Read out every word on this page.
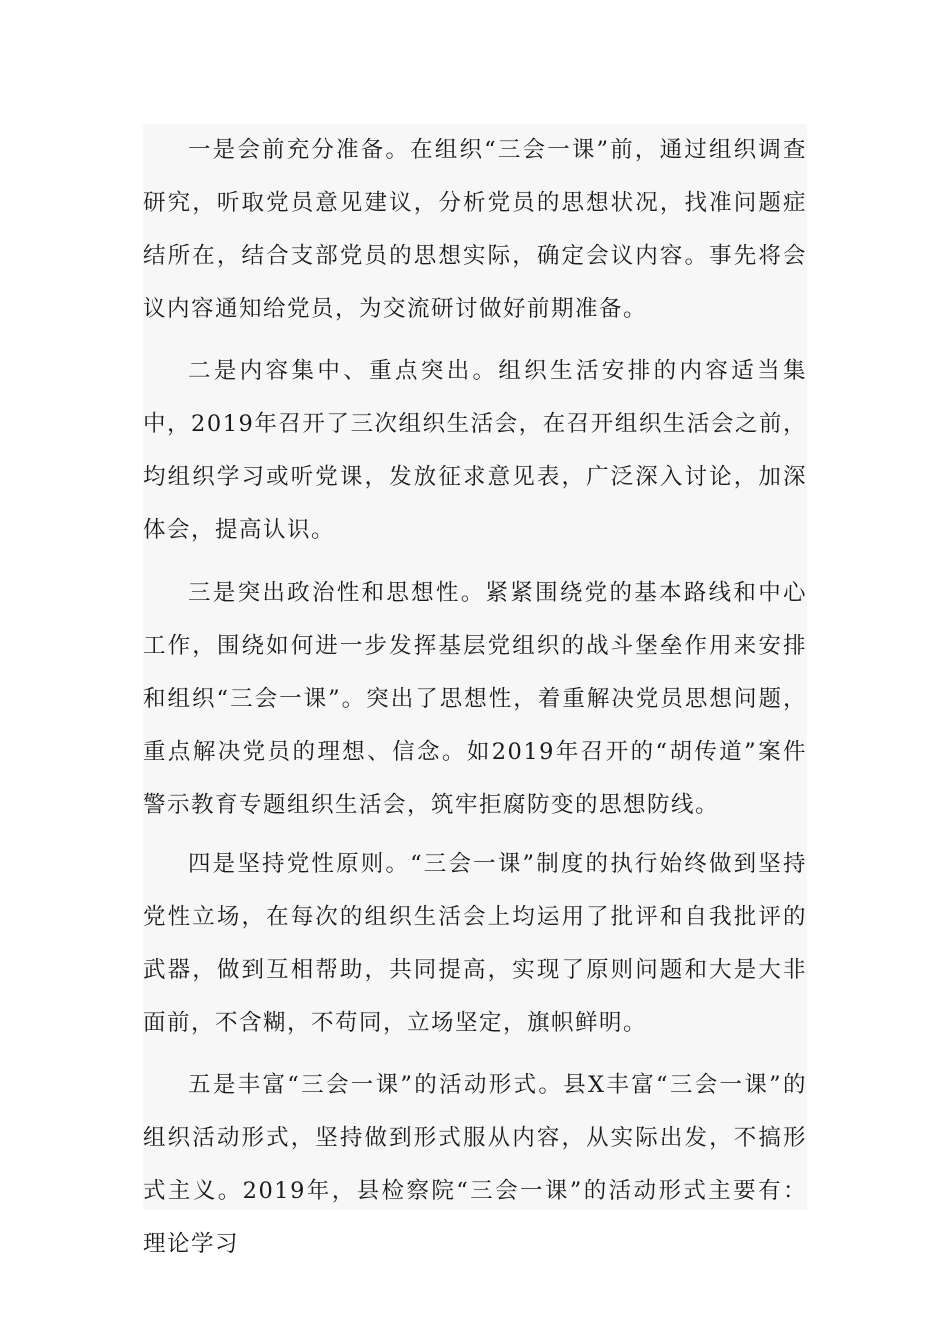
一是会前充分准备。在组织“三会一课”前，通过组织调查研究，听取党员意见建议，分析党员的思想状况，找准问题症结所在，结合支部党员的思想实际，确定会议内容。事先将会议内容通知给党员，为交流研讨做好前期准备。

二是内容集中、重点突出。组织生活安排的内容适当集中，2019年召开了三次组织生活会，在召开组织生活会之前，均组织学习或听党课，发放征求意见表，广泛深入讨论，加深体会，提高认识。

三是突出政治性和思想性。紧紧围绕党的基本路线和中心工作，围绕如何进一步发挥基层党组织的战斗堡垒作用来安排和组织“三会一课”。突出了思想性，着重解决党员思想问题，重点解决党员的理想、信念。如2019年召开的“胡传道”案件警示教育专题组织生活会，筑牢拒腐防变的思想防线。

四是坚持党性原则。“三会一课”制度的执行始终做到坚持党性立场，在每次的组织生活会上均运用了批评和自我批评的武器，做到互相帮助，共同提高，实现了原则问题和大是大非面前，不含糊，不苟同，立场坚定，旗帜鲜明。

五是丰富“三会一课”的活动形式。县X丰富“三会一课”的组织活动形式，坚持做到形式服从内容，从实际出发，不搞形式主义。2019年，县检察院“三会一课”的活动形式主要有：理论学习
